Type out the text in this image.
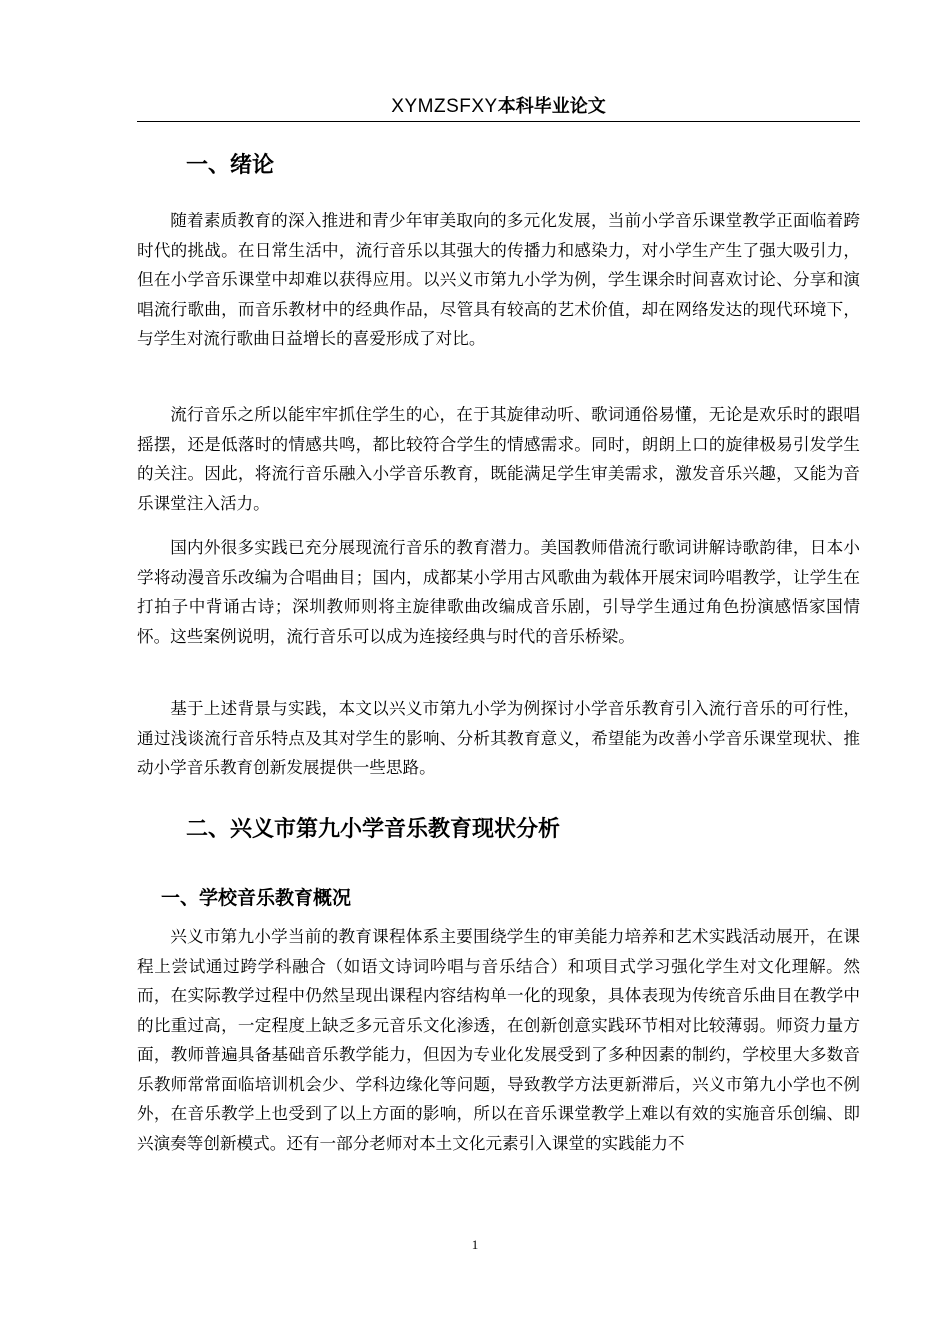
XYMZSFXY本科毕业论文
一、绪论

随着素质教育的深入推进和青少年审美取向的多元化发展，当前小学音乐课堂教学正面临着跨时代的挑战。在日常生活中，流行音乐以其强大的传播力和感染力，对小学生产生了强大吸引力，但在小学音乐课堂中却难以获得应用。以兴义市第九小学为例，学生课余时间喜欢讨论、分享和演唱流行歌曲，而音乐教材中的经典作品，尽管具有较高的艺术价值，却在网络发达的现代环境下，与学生对流行歌曲日益增长的喜爱形成了对比。

流行音乐之所以能牢牢抓住学生的心，在于其旋律动听、歌词通俗易懂，无论是欢乐时的跟唱摇摆，还是低落时的情感共鸣，都比较符合学生的情感需求。同时，朗朗上口的旋律极易引发学生的关注。因此，将流行音乐融入小学音乐教育，既能满足学生审美需求，激发音乐兴趣，又能为音乐课堂注入活力。

国内外很多实践已充分展现流行音乐的教育潜力。美国教师借流行歌词讲解诗歌韵律，日本小学将动漫音乐改编为合唱曲目；国内，成都某小学用古风歌曲为载体开展宋词吟唱教学，让学生在打拍子中背诵古诗；深圳教师则将主旋律歌曲改编成音乐剧，引导学生通过角色扮演感悟家国情怀。这些案例说明，流行音乐可以成为连接经典与时代的音乐桥梁。

基于上述背景与实践，本文以兴义市第九小学为例探讨小学音乐教育引入流行音乐的可行性，通过浅谈流行音乐特点及其对学生的影响、分析其教育意义，希望能为改善小学音乐课堂现状、推动小学音乐教育创新发展提供一些思路。

二、兴义市第九小学音乐教育现状分析
一、学校音乐教育概况

兴义市第九小学当前的教育课程体系主要围绕学生的审美能力培养和艺术实践活动展开，在课程上尝试通过跨学科融合（如语文诗词吟唱与音乐结合）和项目式学习强化学生对文化理解。然而，在实际教学过程中仍然呈现出课程内容结构单一化的现象，具体表现为传统音乐曲目在教学中的比重过高，一定程度上缺乏多元音乐文化渗透，在创新创意实践环节相对比较薄弱。师资力量方面，教师普遍具备基础音乐教学能力，但因为专业化发展受到了多种因素的制约，学校里大多数音乐教师常常面临培训机会少、学科边缘化等问题，导致教学方法更新滞后，兴义市第九小学也不例外，在音乐教学上也受到了以上方面的影响，所以在音乐课堂教学上难以有效的实施音乐创编、即兴演奏等创新模式。还有一部分老师对本土文化元素引入课堂的实践能力不

1
